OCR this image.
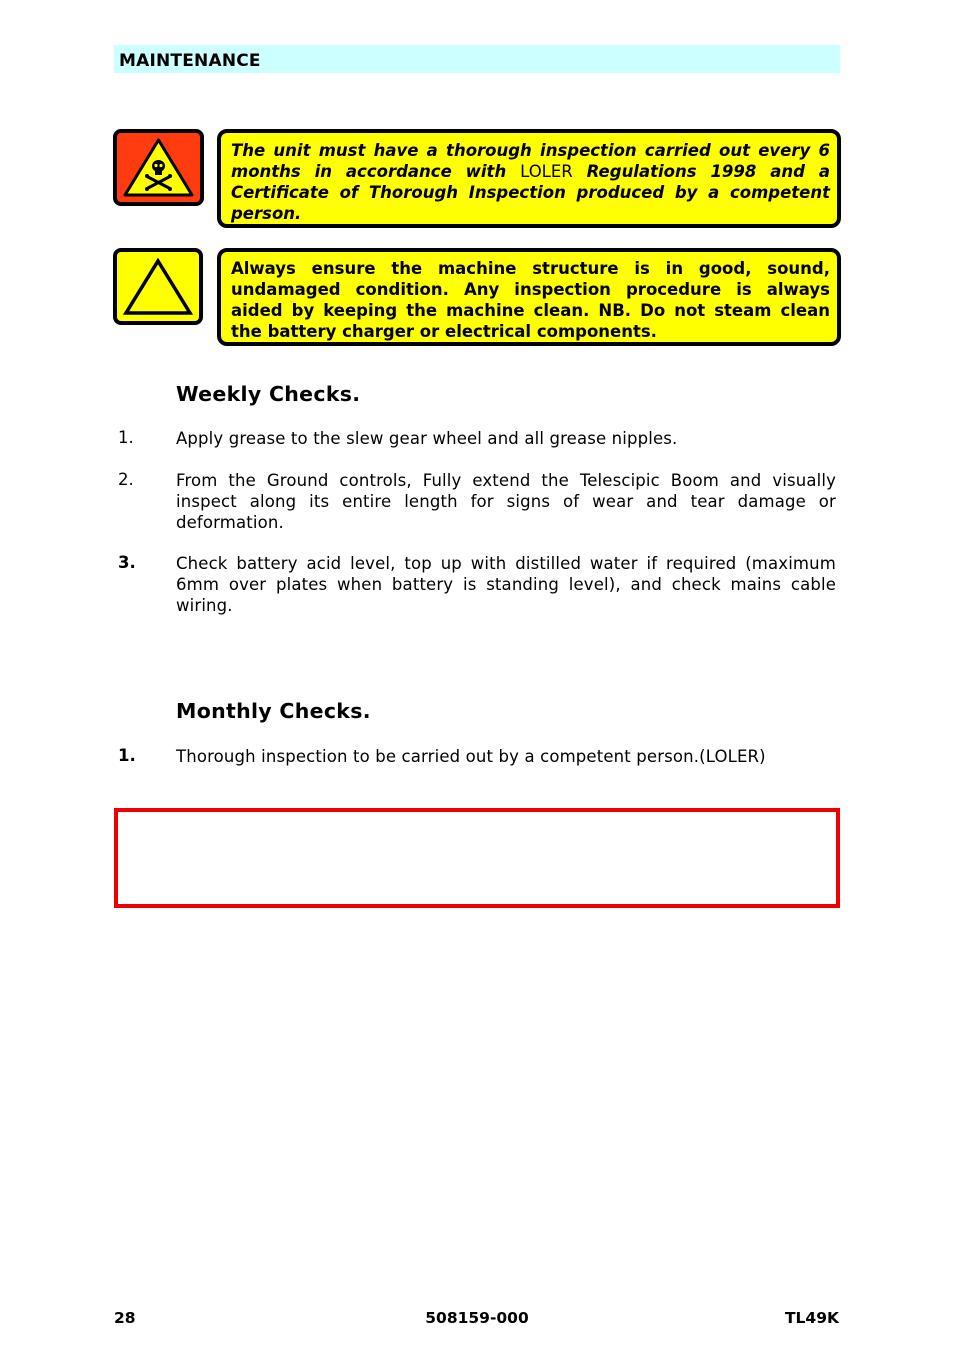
MAINTENANCE
The unit must have a thorough inspection carried out every 6 months in accordance with LOLER Regulations 1998 and a Certificate of Thorough Inspection produced by a competent person.
Always ensure the machine structure is in good, sound, undamaged condition. Any inspection procedure is always aided by keeping the machine clean. NB. Do not steam clean the battery charger or electrical components.
Weekly Checks.
1.	Apply grease to the slew gear wheel and all grease nipples.
2.	From the Ground controls, Fully extend the Telescipic Boom and visually inspect along its entire length for signs of wear and tear damage or deformation.
3. Check battery acid level, top up with distilled water if required (maximum 6mm over plates when battery is standing level), and check mains cable wiring.
Monthly Checks.
1. Thorough inspection to be carried out by a competent person.(LOLER)
28	508159-000	TL49K
